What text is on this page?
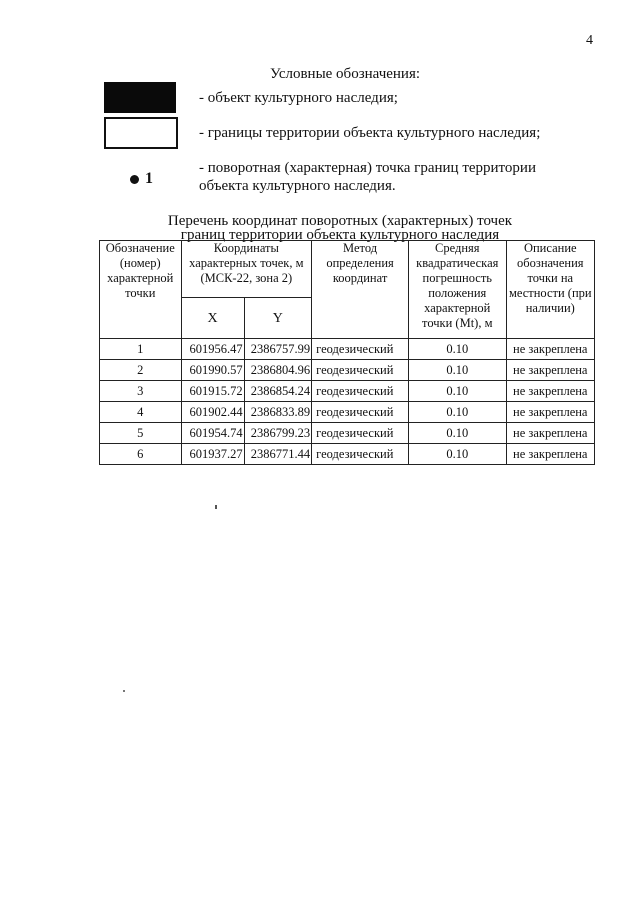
4
Условные обозначения:
- объект культурного наследия;
- границы территории объекта культурного наследия;
1
- поворотная (характерная) точка границ территории объекта культурного наследия.
Перечень координат поворотных (характерных) точек
границ территории объекта культурного наследия
Обозначение (номер) характерной точки	Координаты характерных точек, м (МСК-22, зона 2)		Метод определения координат	Средняя квадратическая погрешность положения характерной точки (Mt), м	Описание обозначения точки на местности (при наличии)
	X	Y			
1	601956.47	2386757.99	геодезический	0.10	не закреплена
2	601990.57	2386804.96	геодезический	0.10	не закреплена
3	601915.72	2386854.24	геодезический	0.10	не закреплена
4	601902.44	2386833.89	геодезический	0.10	не закреплена
5	601954.74	2386799.23	геодезический	0.10	не закреплена
6	601937.27	2386771.44	геодезический	0.10	не закреплена
